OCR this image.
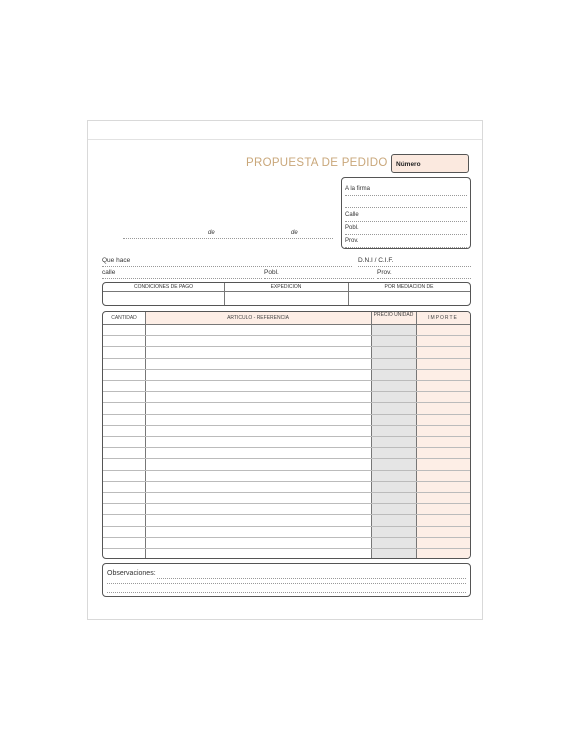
PROPUESTA DE PEDIDO	Número
A la firma
Calle
Pobl.
Prov.
de	de
Que hace	D.N.I / C.I.F.
calle	Pobl.	Prov.
CONDICIONES DE PAGO	EXPEDICION	POR MEDIACION DE
CANTIDAD	ARTICULO - REFERENCIA	PRECIO UNIDAD	IMPORTE
Observaciones:
